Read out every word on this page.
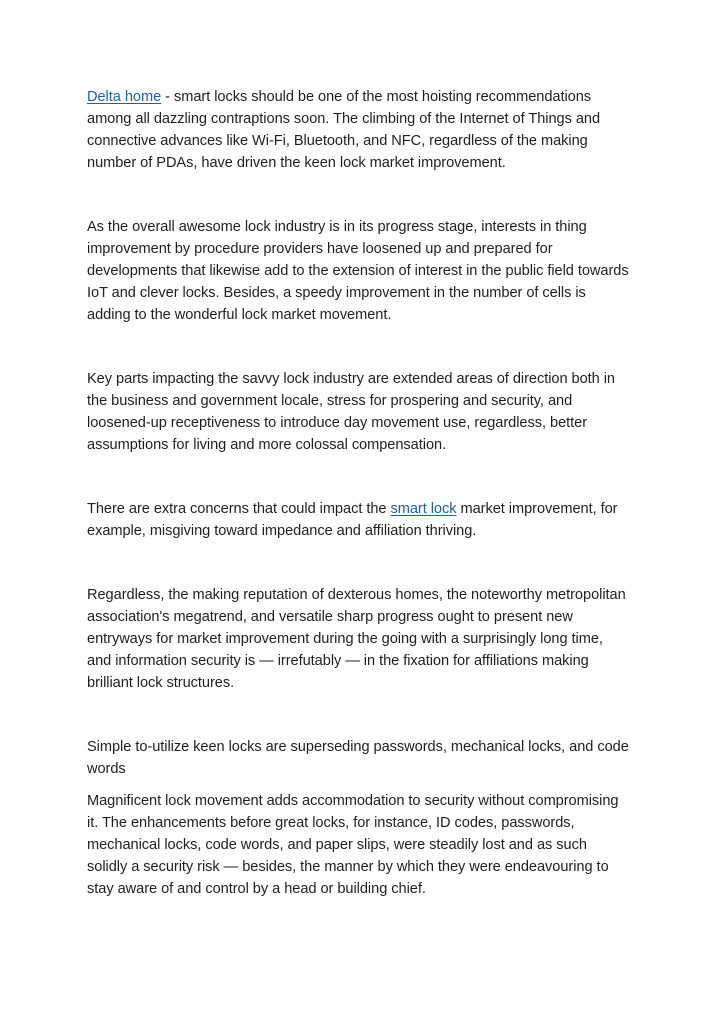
Delta home - smart locks should be one of the most hoisting recommendations among all dazzling contraptions soon. The climbing of the Internet of Things and connective advances like Wi-Fi, Bluetooth, and NFC, regardless of the making number of PDAs, have driven the keen lock market improvement.

As the overall awesome lock industry is in its progress stage, interests in thing improvement by procedure providers have loosened up and prepared for developments that likewise add to the extension of interest in the public field towards IoT and clever locks. Besides, a speedy improvement in the number of cells is adding to the wonderful lock market movement.

Key parts impacting the savvy lock industry are extended areas of direction both in the business and government locale, stress for prospering and security, and loosened-up receptiveness to introduce day movement use, regardless, better assumptions for living and more colossal compensation.

There are extra concerns that could impact the smart lock market improvement, for example, misgiving toward impedance and affiliation thriving.

Regardless, the making reputation of dexterous homes, the noteworthy metropolitan association's megatrend, and versatile sharp progress ought to present new entryways for market improvement during the going with a surprisingly long time, and information security is — irrefutably — in the fixation for affiliations making brilliant lock structures.

Simple to-utilize keen locks are superseding passwords, mechanical locks, and code words

Magnificent lock movement adds accommodation to security without compromising it. The enhancements before great locks, for instance, ID codes, passwords, mechanical locks, code words, and paper slips, were steadily lost and as such solidly a security risk — besides, the manner by which they were endeavouring to stay aware of and control by a head or building chief.
